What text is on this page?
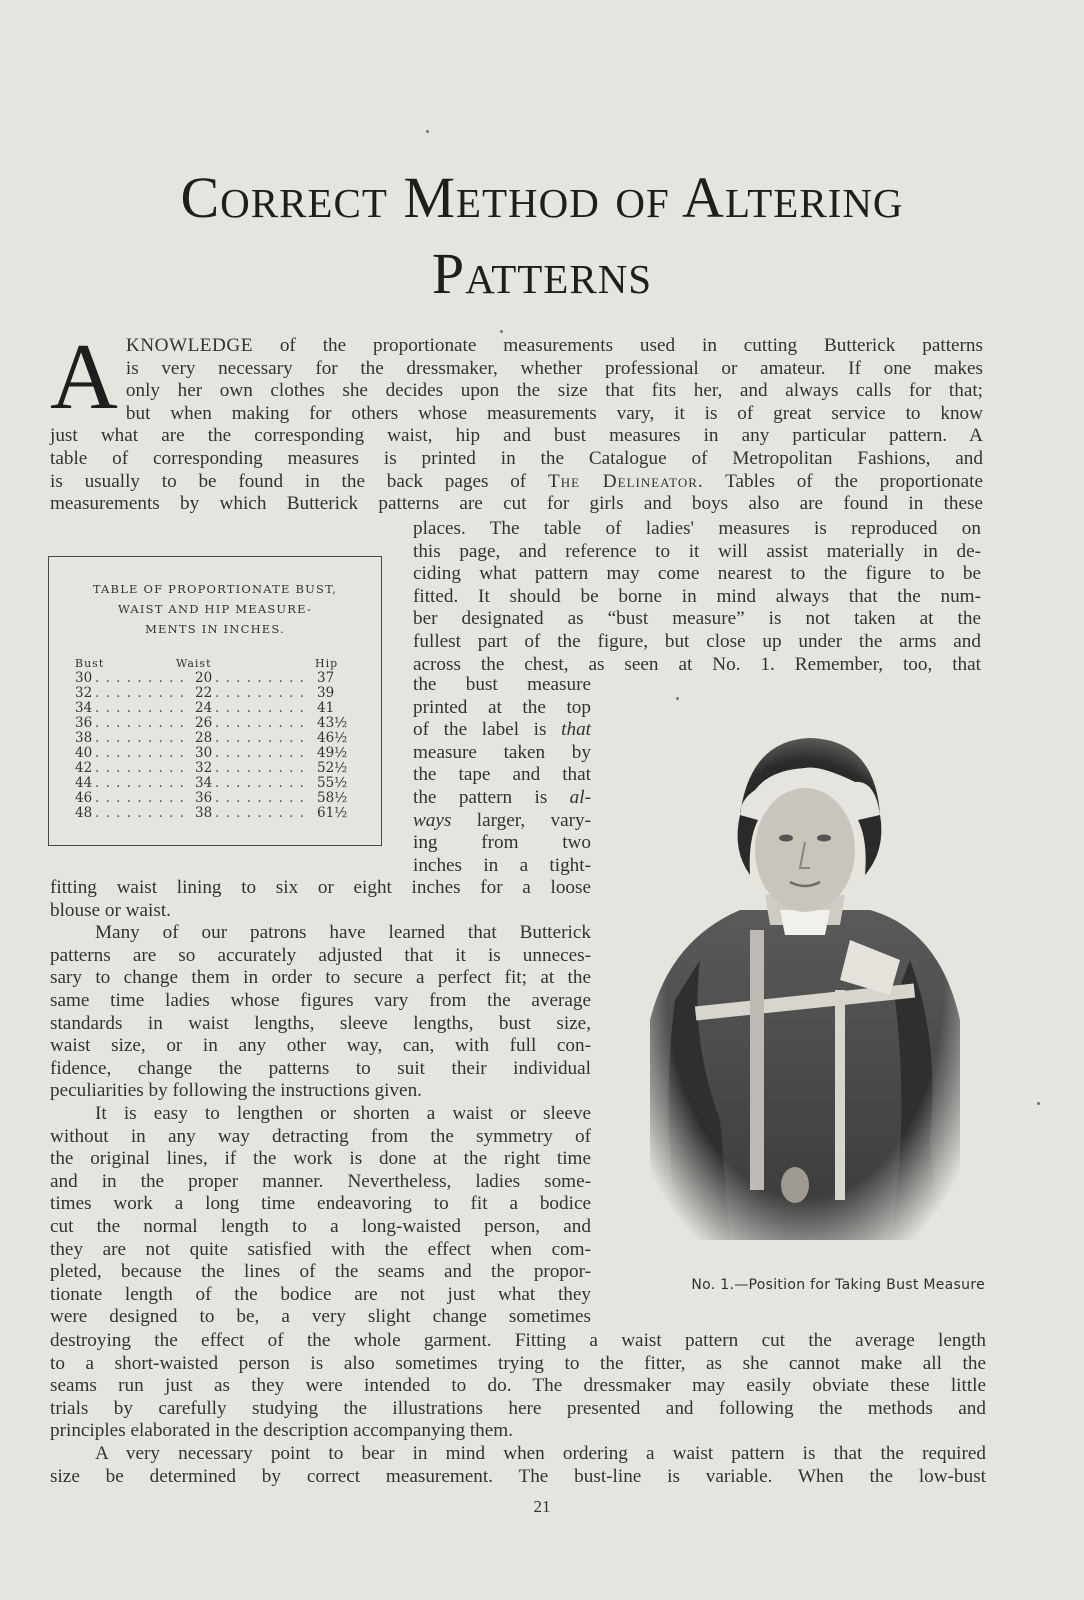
Correct Method of Altering
Patterns
A KNOWLEDGE of the proportionate measurements used in cutting Butterick patterns
is very necessary for the dressmaker, whether professional or amateur. If one makes
only her own clothes she decides upon the size that fits her, and always calls for that;
but when making for others whose measurements vary, it is of great service to know
just what are the corresponding waist, hip and bust measures in any particular pattern. A
table of corresponding measures is printed in the Catalogue of Metropolitan Fashions, and
is usually to be found in the back pages of The Delineator. Tables of the proportionate
measurements by which Butterick patterns are cut for girls and boys also are found in these
places. The table of ladies' measures is reproduced on
this page, and reference to it will assist materially in de-
ciding what pattern may come nearest to the figure to be
fitted. It should be borne in mind always that the num-
ber designated as “bust measure” is not taken at the
fullest part of the figure, but close up under the arms and
across the chest, as seen at No. 1. Remember, too, that
the bust measure
printed at the top
of the label is that
measure taken by
the tape and that
the pattern is al-
ways larger, vary-
ing from two
inches in a tight-
fitting waist lining to six or eight inches for a loose
blouse or waist.
Many of our patrons have learned that Butterick
patterns are so accurately adjusted that it is unneces-
sary to change them in order to secure a perfect fit; at the
same time ladies whose figures vary from the average
standards in waist lengths, sleeve lengths, bust size,
waist size, or in any other way, can, with full con-
fidence, change the patterns to suit their individual
peculiarities by following the instructions given.
It is easy to lengthen or shorten a waist or sleeve
without in any way detracting from the symmetry of
the original lines, if the work is done at the right time
and in the proper manner. Nevertheless, ladies some-
times work a long time endeavoring to fit a bodice
cut the normal length to a long-waisted person, and
they are not quite satisfied with the effect when com-
pleted, because the lines of the seams and the propor-
tionate length of the bodice are not just what they
were designed to be, a very slight change sometimes
destroying the effect of the whole garment. Fitting a waist pattern cut the average length
to a short-waisted person is also sometimes trying to the fitter, as she cannot make all the
seams run just as they were intended to do. The dressmaker may easily obviate these little
trials by carefully studying the illustrations here presented and following the methods and
principles elaborated in the description accompanying them.
A very necessary point to bear in mind when ordering a waist pattern is that the required
size be determined by correct measurement. The bust-line is variable. When the low-bust
TABLE OF PROPORTIONATE BUST,
WAIST AND HIP MEASURE-
MENTS IN INCHES.
Bust	Waist	Hip
30 . . . . . . . . . 20 . . . . . . . . . 37
32 . . . . . . . . . 22 . . . . . . . . . 39
34 . . . . . . . . . 24 . . . . . . . . . 41
36 . . . . . . . . . 26 . . . . . . . . . 43½
38 . . . . . . . . . 28 . . . . . . . . . 46½
40 . . . . . . . . . 30 . . . . . . . . . 49½
42 . . . . . . . . . 32 . . . . . . . . . 52½
44 . . . . . . . . . 34 . . . . . . . . . 55½
46 . . . . . . . . . 36 . . . . . . . . . 58½
48 . . . . . . . . . 38 . . . . . . . . . 61½
No. 1.—Position for Taking Bust Measure
21
